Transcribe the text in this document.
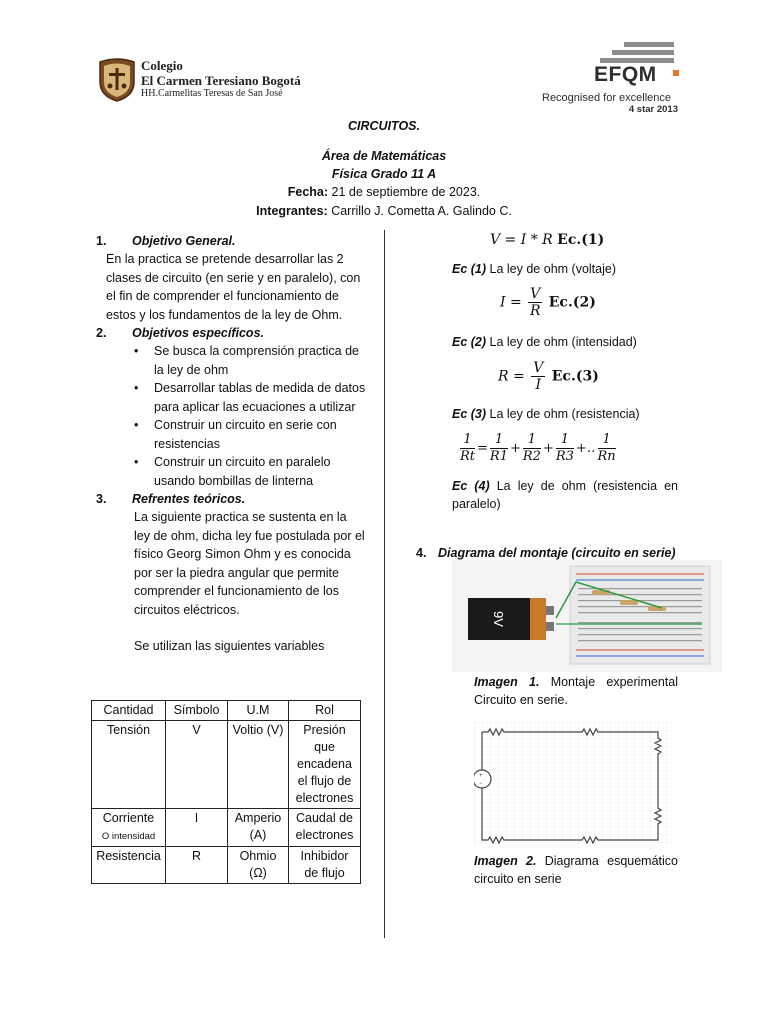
Colegio
El Carmen Teresiano Bogotá
HH.Carmelitas Teresas de San José
EFQM
Recognised for excellence
4 star 2013
CIRCUITOS.
Área de Matemáticas
Física Grado 11 A
Fecha: 21 de septiembre de 2023.
Integrantes: Carrillo J. Cometta A. Galindo C.
1.	Objetivo General.

En la practica se pretende desarrollar las 2 clases de circuito (en serie y en paralelo), con el fin de comprender el funcionamiento de estos y los fundamentos de la ley de Ohm.

2.	Objetivos específicos.
• Se busca la comprensión practica de la ley de ohm
• Desarrollar tablas de medida de datos para aplicar las ecuaciones a utilizar
• Construir un circuito en serie con resistencias
• Construir un circuito en paralelo usando bombillas de linterna
3.	Refrentes teóricos.

La siguiente practica se sustenta en la ley de ohm, dicha ley fue postulada por el físico Georg Simon Ohm y es conocida por ser la piedra angular que permite comprender el funcionamiento de los circuitos eléctricos.

Se utilizan las siguientes variables

Cantidad	Símbolo	U.M	Rol
Tensión	V	Voltio (V)	Presión que encadena el flujo de electrones
Corriente
O intensidad	I	Amperio (A)	Caudal de electrones
Resistencia	R	Ohmio (Ω)	Inhibidor de flujo
V = I * R Ec.(1)
Ec (1) La ley de ohm (voltaje)
$I = \frac{V}{R} Ec.(2)$
Ec (2) La ley de ohm (intensidad)
$R = \frac{V}{I} Ec.(3)$
Ec (3) La ley de ohm (resistencia)
$\frac{1}{Rt} = \frac{1}{R1} + \frac{1}{R2} + \frac{1}{R3}$ +‥ $\frac{1}{Rn}$
Ec (4) La ley de ohm (resistencia en paralelo)
4. Diagrama del montaje (circuito en serie)
9V
Imagen 1. Montaje experimental Circuito en serie.
+
−
Imagen 2. Diagrama esquemático circuito en serie
